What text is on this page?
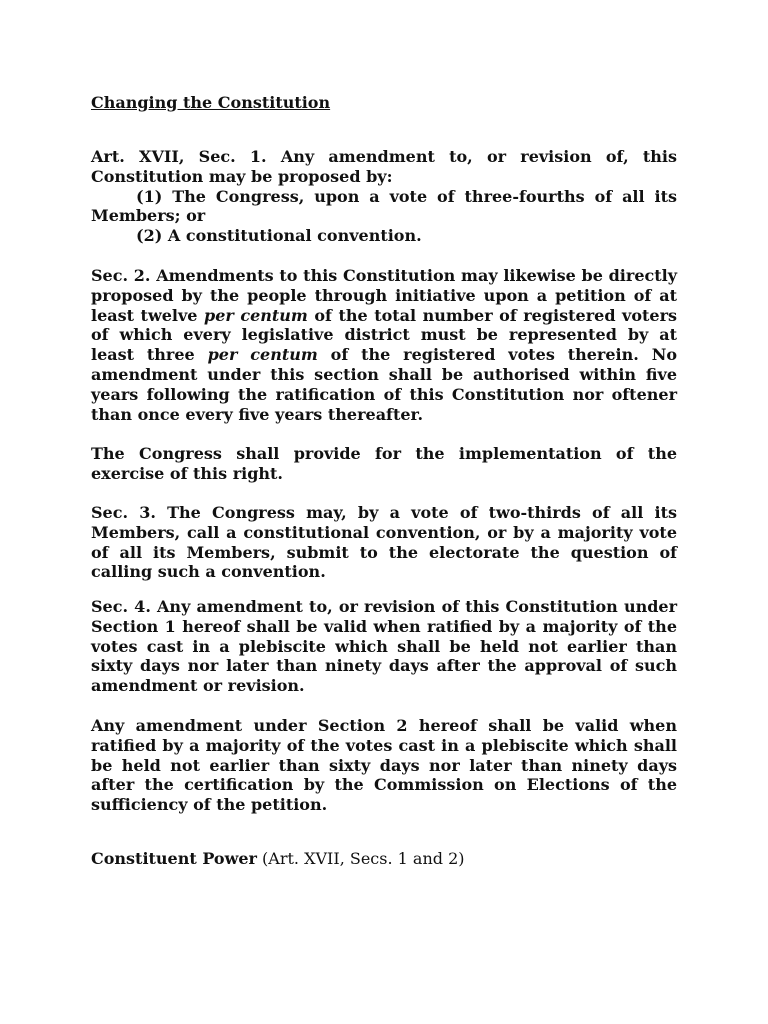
Changing the Constitution

Art. XVII, Sec. 1. Any amendment to, or revision of, this Constitution may be proposed by:

(1) The Congress, upon a vote of three-fourths of all its Members; or

(2) A constitutional convention.

Sec. 2. Amendments to this Constitution may likewise be directly proposed by the people through initiative upon a petition of at least twelve per centum of the total number of registered voters of which every legislative district must be represented by at least three per centum of the registered votes therein. No amendment under this section shall be authorised within five years following the ratification of this Constitution nor oftener than once every five years thereafter.

The Congress shall provide for the implementation of the exercise of this right.

Sec. 3. The Congress may, by a vote of two-thirds of all its Members, call a constitutional convention, or by a majority vote of all its Members, submit to the electorate the question of calling such a convention.

Sec. 4. Any amendment to, or revision of this Constitution under Section 1 hereof shall be valid when ratified by a majority of the votes cast in a plebiscite which shall be held not earlier than sixty days nor later than ninety days after the approval of such amendment or revision.

Any amendment under Section 2 hereof shall be valid when ratified by a majority of the votes cast in a plebiscite which shall be held not earlier than sixty days nor later than ninety days after the certification by the Commission on Elections of the sufficiency of the petition.

Constituent Power (Art. XVII, Secs. 1 and 2)
